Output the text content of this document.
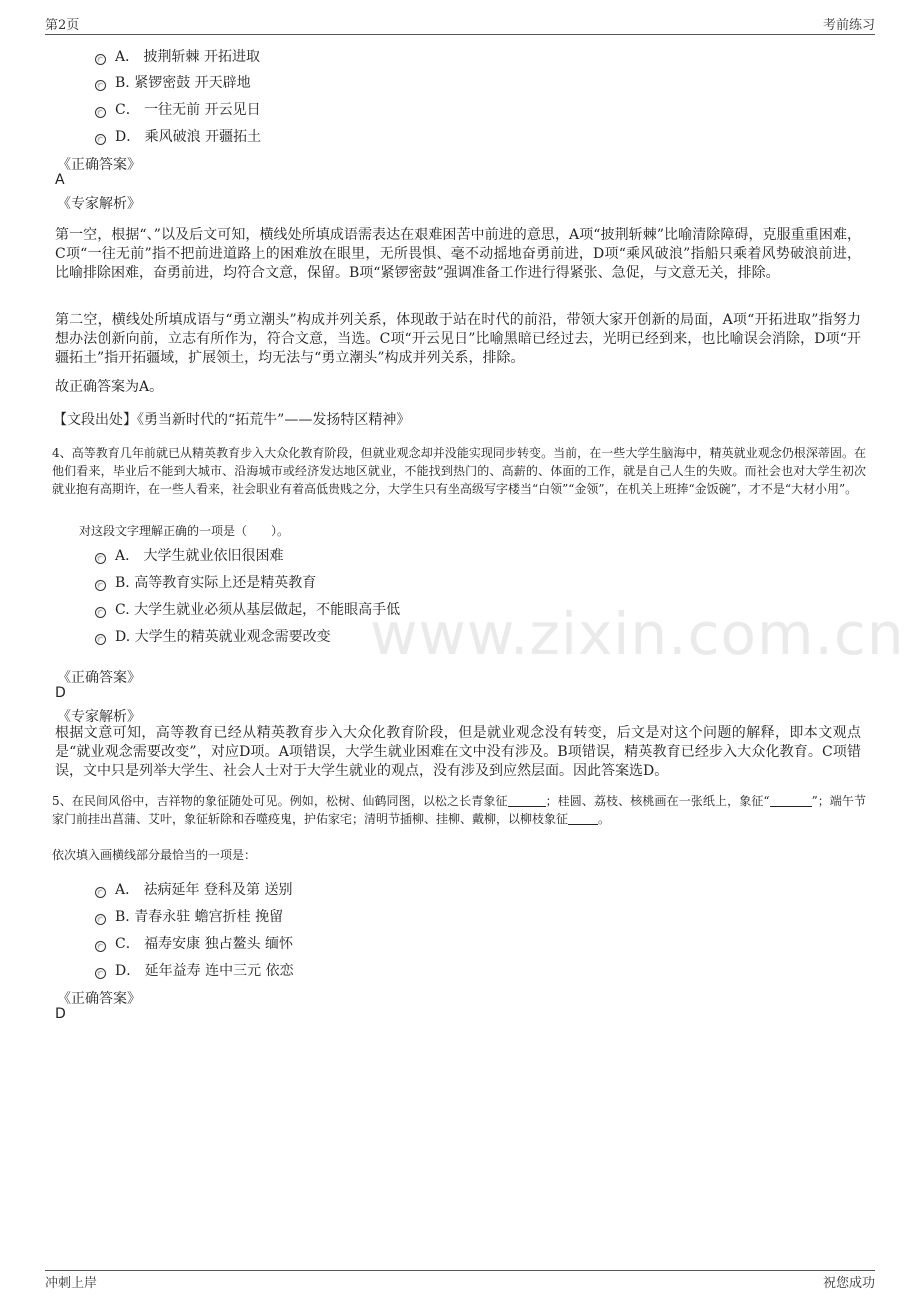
第2页	考前练习
www.zixin.com.cn
A． 披荆斩棘 开拓进取
B. 紧锣密鼓 开天辟地
C． 一往无前 开云见日
D． 乘风破浪 开疆拓土
《正确答案》
A
《专家解析》
第一空，根据“、”以及后文可知，横线处所填成语需表达在艰难困苦中前进的意思，A项“披荆斩棘”比喻清除障碍，克服重重困难，C项“一往无前”指不把前进道路上的困难放在眼里，无所畏惧、毫不动摇地奋勇前进，D项“乘风破浪”指船只乘着风势破浪前进，比喻排除困难，奋勇前进，均符合文意，保留。B项“紧锣密鼓”强调准备工作进行得紧张、急促，与文意无关，排除。
第二空，横线处所填成语与“勇立潮头”构成并列关系，体现敢于站在时代的前沿，带领大家开创新的局面，A项“开拓进取”指努力想办法创新向前，立志有所作为，符合文意，当选。C项“开云见日”比喻黑暗已经过去，光明已经到来，也比喻误会消除，D项“开疆拓土”指开拓疆域，扩展领土，均无法与“勇立潮头”构成并列关系，排除。
故正确答案为A。
【文段出处】《勇当新时代的“拓荒牛”——发扬特区精神》
4、高等教育几年前就已从精英教育步入大众化教育阶段，但就业观念却并没能实现同步转变。当前，在一些大学生脑海中，精英就业观念仍根深蒂固。在他们看来，毕业后不能到大城市、沿海城市或经济发达地区就业，不能找到热门的、高薪的、体面的工作，就是自己人生的失败。而社会也对大学生初次就业抱有高期许，在一些人看来，社会职业有着高低贵贱之分，大学生只有坐高级写字楼当“白领”“金领”，在机关上班捧“金饭碗”，才不是“大材小用”。
对这段文字理解正确的一项是（　　）。
A． 大学生就业依旧很困难
B. 高等教育实际上还是精英教育
C. 大学生就业必须从基层做起，不能眼高手低
D. 大学生的精英就业观念需要改变
《正确答案》
D
《专家解析》
根据文意可知，高等教育已经从精英教育步入大众化教育阶段，但是就业观念没有转变，后文是对这个问题的解释，即本文观点是“就业观念需要改变”，对应D项。A项错误，大学生就业困难在文中没有涉及。B项错误，精英教育已经步入大众化教育。C项错误，文中只是列举大学生、社会人士对于大学生就业的观点，没有涉及到应然层面。因此答案选D。
5、在民间风俗中，吉祥物的象征随处可见。例如，松树、仙鹤同图，以松之长青象征	；桂圆、荔枝、核桃画在一张纸上，象征“	”；端午节家门前挂出菖蒲、艾叶，象征斩除和吞噬疫鬼，护佑家宅；清明节插柳、挂柳、戴柳，以柳枝象征	。
依次填入画横线部分最恰当的一项是：
A． 祛病延年 登科及第 送别
B. 青春永驻 蟾宫折桂 挽留
C． 福寿安康 独占鳌头 缅怀
D． 延年益寿 连中三元 依恋
《正确答案》
D
冲刺上岸	祝您成功
